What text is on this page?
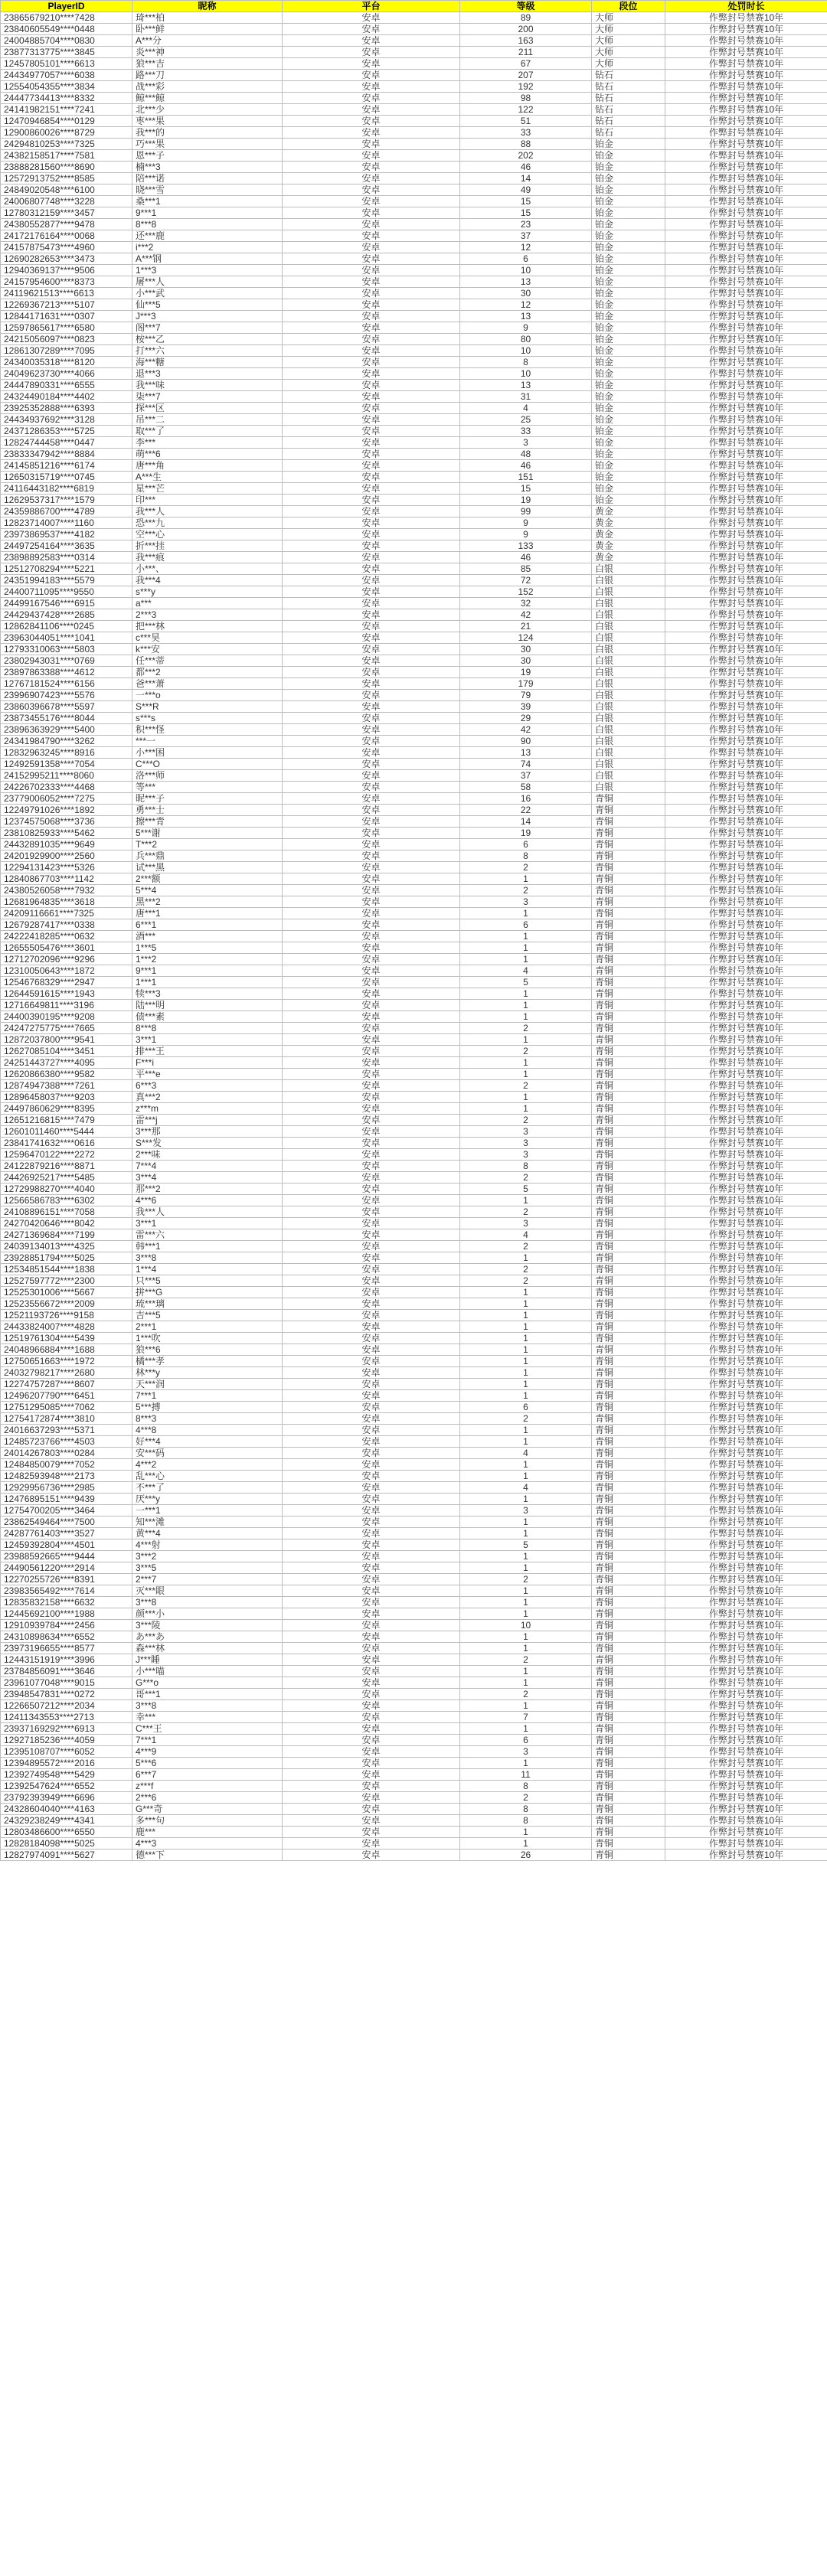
PlayerID	昵称	平台	等级	段位	处罚时长
23865679210****7428	琦***柏	安卓	89	大师	作弊封号禁赛10年
23840605549****0448	卧***鲜	安卓	200	大师	作弊封号禁赛10年
24004885704****0830	A***分	安卓	163	大师	作弊封号禁赛10年
23877313775****3845	炎***神	安卓	211	大师	作弊封号禁赛10年
12457805101****6613	狼***吉	安卓	67	大师	作弊封号禁赛10年
24434977057****6038	路***刀	安卓	207	钻石	作弊封号禁赛10年
12554054355****3834	战***彩	安卓	192	钻石	作弊封号禁赛10年
24447734413****8332	鲸***鲸	安卓	98	钻石	作弊封号禁赛10年
24141982151****7241	北***少	安卓	122	钻石	作弊封号禁赛10年
12470946854****0129	枣***果	安卓	51	钻石	作弊封号禁赛10年
12900860026****8729	我***的	安卓	33	钻石	作弊封号禁赛10年
24294810253****7325	巧***果	安卓	88	铂金	作弊封号禁赛10年
24382158517****7581	恩***子	安卓	202	铂金	作弊封号禁赛10年
23888281560****8690	楠***3	安卓	46	铂金	作弊封号禁赛10年
12572913752****8585	陪***诺	安卓	14	铂金	作弊封号禁赛10年
24849020548****6100	晓***雪	安卓	49	铂金	作弊封号禁赛10年
24006807748****3228	桑***1	安卓	15	铂金	作弊封号禁赛10年
12780312159****3457	9***1	安卓	15	铂金	作弊封号禁赛10年
24380552877****9478	8***8	安卓	23	铂金	作弊封号禁赛10年
24172176164****0068	还***鹿	安卓	37	铂金	作弊封号禁赛10年
24157875473****4960	i***2	安卓	12	铂金	作弊封号禁赛10年
12690282653****3473	A***钢	安卓	6	铂金	作弊封号禁赛10年
12940369137****9506	1***3	安卓	10	铂金	作弊封号禁赛10年
24157954600****8373	屠***人	安卓	13	铂金	作弊封号禁赛10年
24119621513****6613	小***武	安卓	30	铂金	作弊封号禁赛10年
12269367213****5107	仙***5	安卓	12	铂金	作弊封号禁赛10年
12844171631****0307	J***3	安卓	13	铂金	作弊封号禁赛10年
12597865617****6580	阁***7	安卓	9	铂金	作弊封号禁赛10年
24215056097****0823	桉***乙	安卓	80	铂金	作弊封号禁赛10年
12861307289****7095	打***六	安卓	10	铂金	作弊封号禁赛10年
24340035318****8120	海***糖	安卓	8	铂金	作弊封号禁赛10年
24049623730****4066	退***3	安卓	10	铂金	作弊封号禁赛10年
24447890331****6555	我***味	安卓	13	铂金	作弊封号禁赛10年
24324490184****4402	柒***7	安卓	31	铂金	作弊封号禁赛10年
23925352888****6393	探***区	安卓	4	铂金	作弊封号禁赛10年
24434937692****3128	吊***二	安卓	25	铂金	作弊封号禁赛10年
24371286353****5725	取***了	安卓	33	铂金	作弊封号禁赛10年
12824744458****0447	李***	安卓	3	铂金	作弊封号禁赛10年
23833347942****8884	萌***6	安卓	48	铂金	作弊封号禁赛10年
24145851216****6174	唐***角	安卓	46	铂金	作弊封号禁赛10年
12650315719****0745	A***生	安卓	151	铂金	作弊封号禁赛10年
24116443182****6819	星***芒	安卓	15	铂金	作弊封号禁赛10年
12629537317****1579	印***	安卓	19	铂金	作弊封号禁赛10年
24359886700****4789	我***人	安卓	99	黄金	作弊封号禁赛10年
12823714007****1160	恐***九	安卓	9	黄金	作弊封号禁赛10年
23973869537****4182	空***心	安卓	9	黄金	作弊封号禁赛10年
24497254164****3635	折***挂	安卓	133	黄金	作弊封号禁赛10年
23898892583****0314	我***痕	安卓	46	黄金	作弊封号禁赛10年
12512708294****5221	小***、	安卓	85	白银	作弊封号禁赛10年
24351994183****5579	我***4	安卓	72	白银	作弊封号禁赛10年
24400711095****9550	s***y	安卓	152	白银	作弊封号禁赛10年
24499167546****6915	a***	安卓	32	白银	作弊封号禁赛10年
24429437428****2685	2***3	安卓	42	白银	作弊封号禁赛10年
12862841106****0245	把***林	安卓	21	白银	作弊封号禁赛10年
23963044051****1041	c***昊	安卓	124	白银	作弊封号禁赛10年
12793310063****5803	k***安	安卓	30	白银	作弊封号禁赛10年
23802943031****0769	任***蒂	安卓	30	白银	作弊封号禁赛10年
23897863388****4612	都***2	安卓	19	白银	作弊封号禁赛10年
12767181524****6156	爸***萧	安卓	179	白银	作弊封号禁赛10年
23996907423****5576	一***o	安卓	79	白银	作弊封号禁赛10年
23860396678****5597	S***R	安卓	39	白银	作弊封号禁赛10年
23873455176****8044	s***s	安卓	29	白银	作弊封号禁赛10年
23896363929****5400	积***怪	安卓	42	白银	作弊封号禁赛10年
24341984790****3262	***一	安卓	90	白银	作弊封号禁赛10年
12832963245****8916	小***困	安卓	13	白银	作弊封号禁赛10年
12492591358****7054	C***O	安卓	74	白银	作弊封号禁赛10年
24152995211****8060	洛***师	安卓	37	白银	作弊封号禁赛10年
24226702333****4468	等***	安卓	58	白银	作弊封号禁赛10年
23779006052****7275	昵***子	安卓	16	青铜	作弊封号禁赛10年
12249791026****1892	勇***士	安卓	22	青铜	作弊封号禁赛10年
12374575068****3736	擦***青	安卓	14	青铜	作弊封号禁赛10年
23810825933****5462	5***谢	安卓	19	青铜	作弊封号禁赛10年
24432891035****9649	T***2	安卓	6	青铜	作弊封号禁赛10年
24201929900****2560	兵***鼎	安卓	8	青铜	作弊封号禁赛10年
12294131423****5326	试***黑	安卓	2	青铜	作弊封号禁赛10年
12840867703****1142	2***额	安卓	1	青铜	作弊封号禁赛10年
24380526058****7932	5***4	安卓	2	青铜	作弊封号禁赛10年
12681964835****3618	黑***2	安卓	3	青铜	作弊封号禁赛10年
24209116661****7325	唐***1	安卓	1	青铜	作弊封号禁赛10年
12679287417****0338	6***1	安卓	6	青铜	作弊封号禁赛10年
24222418285****0632	酒***	安卓	1	青铜	作弊封号禁赛10年
12655505476****3601	1***5	安卓	1	青铜	作弊封号禁赛10年
12712702096****9296	1***2	安卓	1	青铜	作弊封号禁赛10年
12310050643****1872	9***1	安卓	4	青铜	作弊封号禁赛10年
12546768329****2947	1***1	安卓	5	青铜	作弊封号禁赛10年
12644591615****1943	犊***3	安卓	1	青铜	作弊封号禁赛10年
12716649811****3196	陆***明	安卓	1	青铜	作弊封号禁赛10年
24400390195****9208	债***素	安卓	1	青铜	作弊封号禁赛10年
24247275775****7665	8***8	安卓	2	青铜	作弊封号禁赛10年
12872037800****9541	3***1	安卓	1	青铜	作弊封号禁赛10年
12627085104****3451	排***王	安卓	2	青铜	作弊封号禁赛10年
24251443727****4095	F***i	安卓	1	青铜	作弊封号禁赛10年
12620866380****9582	平***e	安卓	1	青铜	作弊封号禁赛10年
12874947388****7261	6***3	安卓	2	青铜	作弊封号禁赛10年
12896458037****9203	真***2	安卓	1	青铜	作弊封号禁赛10年
24497860629****8395	z***m	安卓	1	青铜	作弊封号禁赛10年
12651216815****7479	雷***j	安卓	2	青铜	作弊封号禁赛10年
12601011460****5444	3***那	安卓	3	青铜	作弊封号禁赛10年
23841741632****0616	S***发	安卓	3	青铜	作弊封号禁赛10年
12596470122****2272	2***味	安卓	3	青铜	作弊封号禁赛10年
24122879216****8871	7***4	安卓	8	青铜	作弊封号禁赛10年
24426925217****5485	3***4	安卓	2	青铜	作弊封号禁赛10年
12729988270****4040	那***2	安卓	5	青铜	作弊封号禁赛10年
12566586783****6302	4***6	安卓	1	青铜	作弊封号禁赛10年
24108896151****7058	我***人	安卓	2	青铜	作弊封号禁赛10年
24270420646****8042	3***1	安卓	3	青铜	作弊封号禁赛10年
24271369684****7199	雷***六	安卓	4	青铜	作弊封号禁赛10年
24039134013****4325	韩***1	安卓	2	青铜	作弊封号禁赛10年
23928851794****5025	3***8	安卓	1	青铜	作弊封号禁赛10年
12534851544****1838	1***4	安卓	2	青铜	作弊封号禁赛10年
12527597772****2300	只***5	安卓	2	青铜	作弊封号禁赛10年
12525301006****5667	拼***G	安卓	1	青铜	作弊封号禁赛10年
12523556672****2009	琉***璃	安卓	1	青铜	作弊封号禁赛10年
12521193726****9158	吉***5	安卓	1	青铜	作弊封号禁赛10年
24433824007****4828	2***1	安卓	1	青铜	作弊封号禁赛10年
12519761304****5439	1***吹	安卓	1	青铜	作弊封号禁赛10年
24048966884****1688	狼***6	安卓	1	青铜	作弊封号禁赛10年
12750651663****1972	橘***孝	安卓	1	青铜	作弊封号禁赛10年
24032798217****2680	林***y	安卓	1	青铜	作弊封号禁赛10年
12274757287****8607	天***润	安卓	1	青铜	作弊封号禁赛10年
12496207790****6451	7***1	安卓	1	青铜	作弊封号禁赛10年
12751295085****7062	5***搏	安卓	6	青铜	作弊封号禁赛10年
12754172874****3810	8***3	安卓	2	青铜	作弊封号禁赛10年
24016637293****5371	4***8	安卓	1	青铜	作弊封号禁赛10年
12485723766****4503	好***4	安卓	1	青铜	作弊封号禁赛10年
24014267803****0284	安***码	安卓	4	青铜	作弊封号禁赛10年
12484850079****7052	4***2	安卓	1	青铜	作弊封号禁赛10年
12482593948****2173	乱***心	安卓	1	青铜	作弊封号禁赛10年
12929956736****2985	不***了	安卓	4	青铜	作弊封号禁赛10年
12476895151****9439	厌***y	安卓	1	青铜	作弊封号禁赛10年
12754700205****3464	一***1	安卓	3	青铜	作弊封号禁赛10年
23862549464****7500	知***滩	安卓	1	青铜	作弊封号禁赛10年
24287761403****3527	黄***4	安卓	1	青铜	作弊封号禁赛10年
12459392804****4501	4***射	安卓	5	青铜	作弊封号禁赛10年
23988592665****9444	3***2	安卓	1	青铜	作弊封号禁赛10年
24490561220****2914	3***5	安卓	1	青铜	作弊封号禁赛10年
12270255726****8391	2***7	安卓	2	青铜	作弊封号禁赛10年
23983565492****7614	灭***眼	安卓	1	青铜	作弊封号禁赛10年
12835832158****6632	3***8	安卓	1	青铜	作弊封号禁赛10年
12445692100****1988	颜***小	安卓	1	青铜	作弊封号禁赛10年
12910939784****2456	3***陵	安卓	10	青铜	作弊封号禁赛10年
24310898634****6552	あ***あ	安卓	1	青铜	作弊封号禁赛10年
23973196655****8577	森***林	安卓	1	青铜	作弊封号禁赛10年
12443151919****3996	J***睡	安卓	2	青铜	作弊封号禁赛10年
23784856091****3646	小***喵	安卓	1	青铜	作弊封号禁赛10年
23961077048****9015	G***o	安卓	1	青铜	作弊封号禁赛10年
23948547831****0272	哥***1	安卓	2	青铜	作弊封号禁赛10年
12266507212****2034	3***8	安卓	1	青铜	作弊封号禁赛10年
12411343553****2713	幸***	安卓	7	青铜	作弊封号禁赛10年
23937169292****6913	C***王	安卓	1	青铜	作弊封号禁赛10年
12927185236****4059	7***1	安卓	6	青铜	作弊封号禁赛10年
12395108707****6052	4***9	安卓	3	青铜	作弊封号禁赛10年
12394895572****2016	5***6	安卓	1	青铜	作弊封号禁赛10年
12392749548****5429	6***7	安卓	11	青铜	作弊封号禁赛10年
12392547624****6552	z***f	安卓	8	青铜	作弊封号禁赛10年
23792393949****6696	2***6	安卓	2	青铜	作弊封号禁赛10年
24328604040****4163	G***奇	安卓	8	青铜	作弊封号禁赛10年
24329238249****4341	多***句	安卓	8	青铜	作弊封号禁赛10年
12803486600****6550	鹿***	安卓	1	青铜	作弊封号禁赛10年
12828184098****5025	4***3	安卓	1	青铜	作弊封号禁赛10年
12827974091****5627	德***下	安卓	26	青铜	作弊封号禁赛10年
